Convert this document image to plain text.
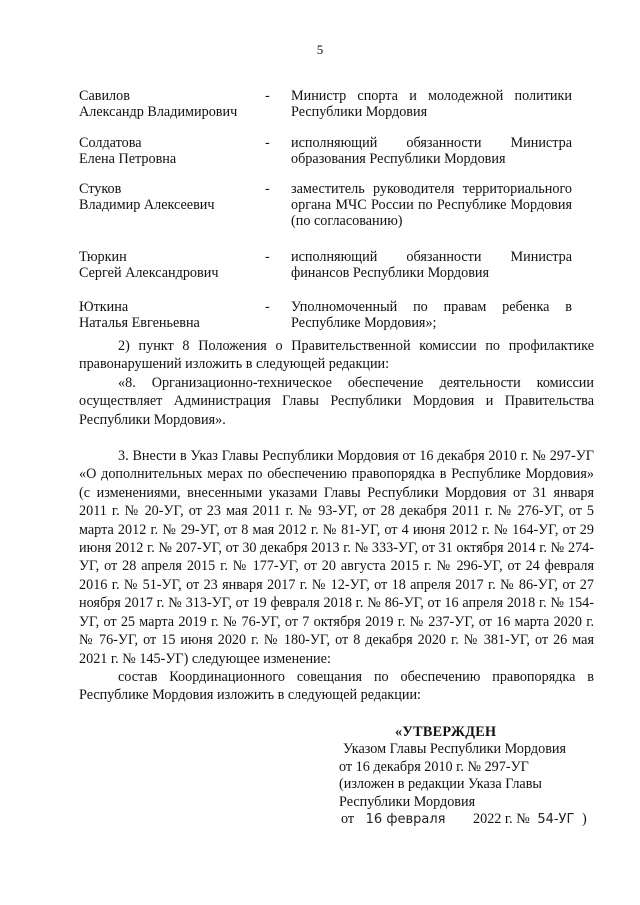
5
Савилов
Александр Владимирович
-	Министр спорта и молодежной политики Республики Мордовия
Солдатова
Елена Петровна
-	исполняющий обязанности Министра образования Республики Мордовия
Стуков
Владимир Алексеевич
-	заместитель руководителя территориального органа МЧС России по Республике Мордовия (по согласованию)
Тюркин
Сергей Александрович
-	исполняющий обязанности Министра финансов Республики Мордовия
Юткина
Наталья Евгеньевна
-	Уполномоченный по правам ребенка в Республике Мордовия»;

2) пункт 8 Положения о Правительственной комиссии по профилактике правонарушений изложить в следующей редакции:

«8. Организационно-техническое обеспечение деятельности комиссии осуществляет Администрация Главы Республики Мордовия и Правительства Республики Мордовия».

3. Внести в Указ Главы Республики Мордовия от 16 декабря 2010 г. № 297-УГ «О дополнительных мерах по обеспечению правопорядка в Республике Мордовия» (с изменениями, внесенными указами Главы Республики Мордовия от 31 января 2011 г. № 20-УГ, от 23 мая 2011 г. № 93-УГ, от 28 декабря 2011 г. № 276-УГ, от 5 марта 2012 г. № 29-УГ, от 8 мая 2012 г. № 81-УГ, от 4 июня 2012 г. № 164-УГ, от 29 июня 2012 г. № 207-УГ, от 30 декабря 2013 г. № 333-УГ, от 31 октября 2014 г. № 274-УГ, от 28 апреля 2015 г. № 177-УГ, от 20 августа 2015 г. № 296-УГ, от 24 февраля 2016 г. № 51-УГ, от 23 января 2017 г. № 12-УГ, от 18 апреля 2017 г. № 86-УГ, от 27 ноября 2017 г. № 313-УГ, от 19 февраля 2018 г. № 86-УГ, от 16 апреля 2018 г. № 154-УГ, от 25 марта 2019 г. № 76-УГ, от 7 октября 2019 г. № 237-УГ, от 16 марта 2020 г. № 76-УГ, от 15 июня 2020 г. № 180-УГ, от 8 декабря 2020 г. № 381-УГ, от 26 мая 2021 г. № 145-УГ) следующее изменение:

состав Координационного совещания по обеспечению правопорядка в Республике Мордовия изложить в следующей редакции:

«УТВЕРЖДЕН
Указом Главы Республики Мордовия
от 16 декабря 2010 г. № 297-УГ
(изложен в редакции Указа Главы
Республики Мордовия
от 16 февраля 2022 г. № 54-УГ )
